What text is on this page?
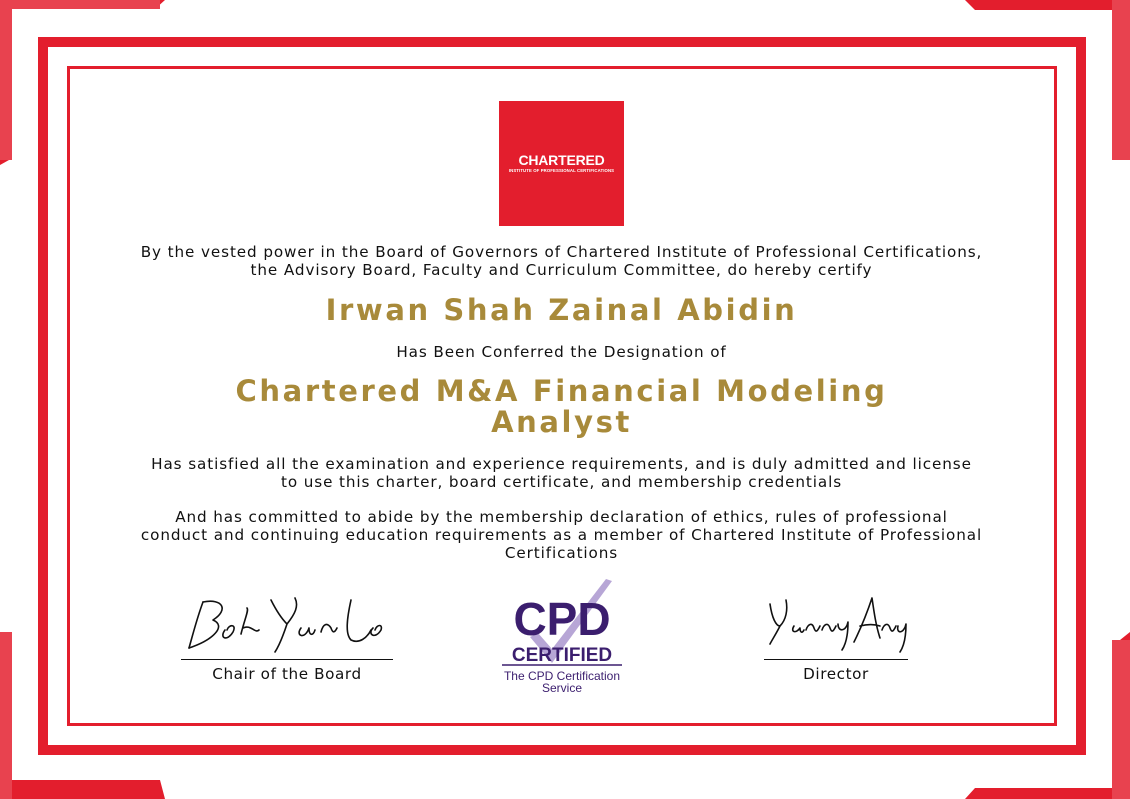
CHARTERED
INSTITUTE OF PROFESSIONAL CERTIFICATIONS

By the vested power in the Board of Governors of Chartered Institute of Professional Certifications, the Advisory Board, Faculty and Curriculum Committee, do hereby certify

Irwan Shah Zainal Abidin

Has Been Conferred the Designation of

Chartered M&A Financial Modeling Analyst

Has satisfied all the examination and experience requirements, and is duly admitted and license to use this charter, board certificate, and membership credentials

And has committed to abide by the membership declaration of ethics, rules of professional conduct and continuing education requirements as a member of Chartered Institute of Professional Certifications

Chair of the Board
CPD
CERTIFIED
The CPD Certification
Service
Director
